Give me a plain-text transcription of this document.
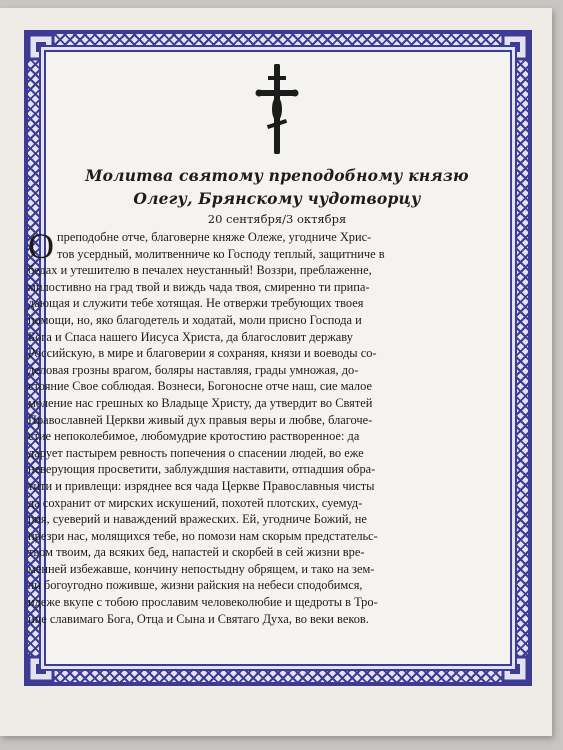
Молитва святому преподобному князю
Олегу, Брянскому чудотворцу
20 сентября/3 октября
О преподобне отче, благоверне княже Олеже, угодниче Хрис-
тов усердный, молитвенниче ко Господу теплый, защитниче в
бедах и утешителю в печалех неустанный! Воззри, преблаженне,
милостивно на град твой и виждь чада твоя, смиренно ти припа-
дающая и служити тебе хотящая. Не отвержи требующих твоея
помощи, но, яко благодетель и ходатай, моли присно Господа и
Бога и Спаса нашего Иисуса Христа, да благословит державу
Российскую, в мире и благоверии я сохраняя, князи и воеводы со-
деловая грозны врагом, боляры наставляя, грады умножая, до-
стояние Свое соблюдая. Вознеси, Богоносне отче наш, сие малое
моление нас грешных ко Владыце Христу, да утвердит во Святей
Православней Церкви живый дух правыя веры и любве, благоче-
стие непоколебимое, любомудрие кротостию растворенное: да
дарует пастырем ревность попечения о спасении людей, во еже
неверующия просветити, заблуждшия наставити, отпадшия обра-
тити и привлещи: изряднее вся чада Церкве Православныя чисты
да сохранит от мирских искушений, похотей плотских, суемуд-
рия, суеверий и наваждений вражеских. Ей, угодниче Божий, не
презри нас, молящихся тебе, но помози нам скорым предстательс-
твом твоим, да всяких бед, напастей и скорбей в сей жизни вре-
менней избежавше, кончину непостыдну обрящем, и тако на зем-
ли богоугодно поживше, жизни райския на небеси сподобимся,
идеже вкупе с тобою прославим человеколюбие и щедроты в Тро-
ице славимаго Бога, Отца и Сына и Святаго Духа, во веки веков.
